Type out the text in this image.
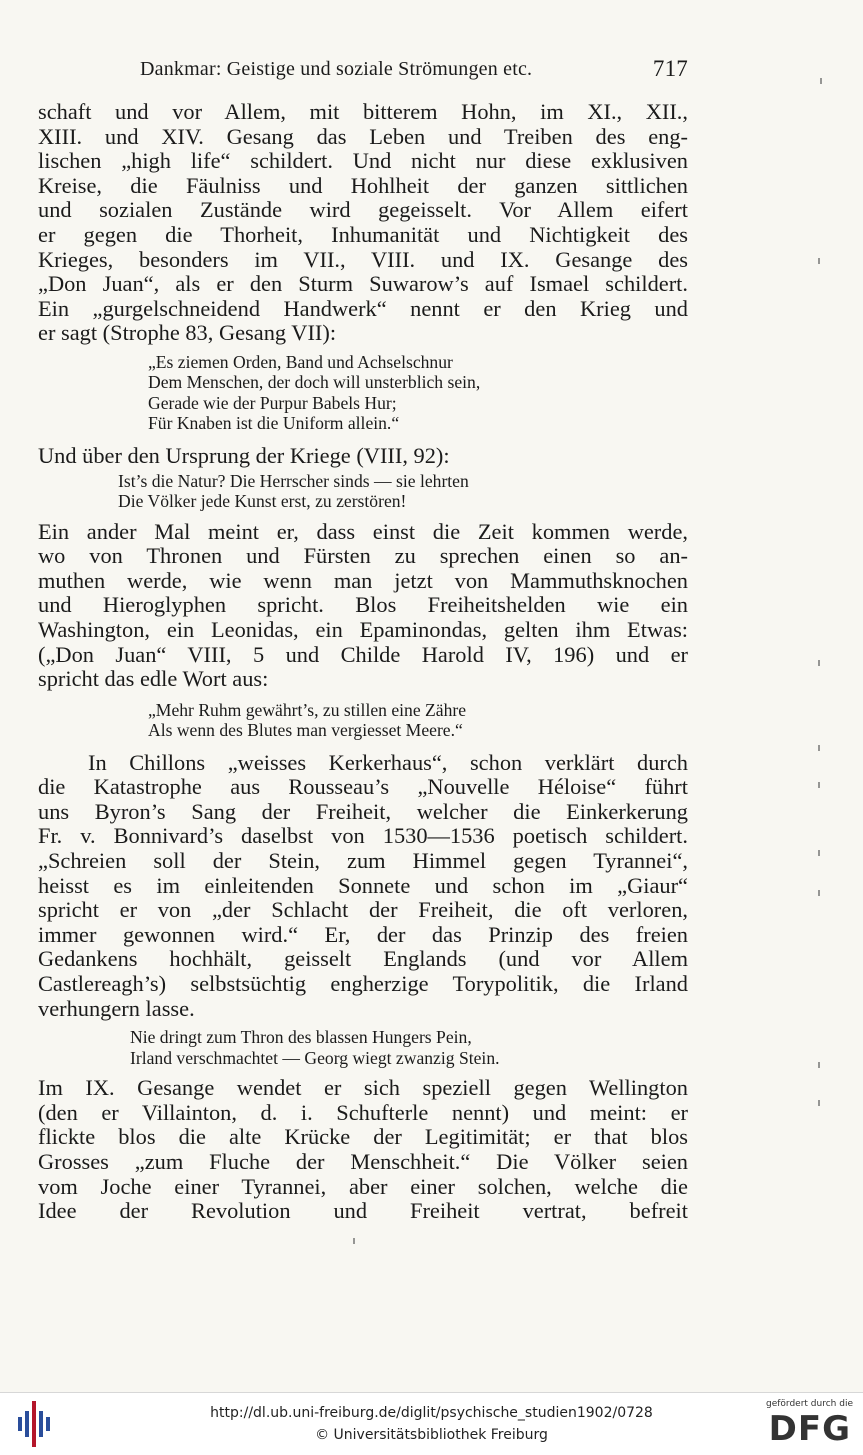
Dankmar: Geistige und soziale Strömungen etc.	717
schaft und vor Allem, mit bitterem Hohn, im XI., XII.,
XIII. und XIV. Gesang das Leben und Treiben des eng-
lischen „high life“ schildert. Und nicht nur diese exklusiven
Kreise, die Fäulniss und Hohlheit der ganzen sittlichen
und sozialen Zustände wird gegeisselt. Vor Allem eifert
er gegen die Thorheit, Inhumanität und Nichtigkeit des
Krieges, besonders im VII., VIII. und IX. Gesange des
„Don Juan“, als er den Sturm Suwarow’s auf Ismael schildert.
Ein „gurgelschneidend Handwerk“ nennt er den Krieg und
er sagt (Strophe 83, Gesang VII):
„Es ziemen Orden, Band und Achselschnur
Dem Menschen, der doch will unsterblich sein,
Gerade wie der Purpur Babels Hur;
Für Knaben ist die Uniform allein.“
Und über den Ursprung der Kriege (VIII, 92):
Ist’s die Natur? Die Herrscher sinds — sie lehrten
Die Völker jede Kunst erst, zu zerstören!
Ein ander Mal meint er, dass einst die Zeit kommen werde,
wo von Thronen und Fürsten zu sprechen einen so an-
muthen werde, wie wenn man jetzt von Mammuthsknochen
und Hieroglyphen spricht. Blos Freiheitshelden wie ein
Washington, ein Leonidas, ein Epaminondas, gelten ihm Etwas:
(„Don Juan“ VIII, 5 und Childe Harold IV, 196) und er
spricht das edle Wort aus:
„Mehr Ruhm gewährt’s, zu stillen eine Zähre
Als wenn des Blutes man vergiesset Meere.“
In Chillons „weisses Kerkerhaus“, schon verklärt durch
die Katastrophe aus Rousseau’s „Nouvelle Héloise“ führt
uns Byron’s Sang der Freiheit, welcher die Einkerkerung
Fr. v. Bonnivard’s daselbst von 1530—1536 poetisch schildert.
„Schreien soll der Stein, zum Himmel gegen Tyrannei“,
heisst es im einleitenden Sonnete und schon im „Giaur“
spricht er von „der Schlacht der Freiheit, die oft verloren,
immer gewonnen wird.“ Er, der das Prinzip des freien
Gedankens hochhält, geisselt Englands (und vor Allem
Castlereagh’s) selbstsüchtig engherzige Torypolitik, die Irland
verhungern lasse.
Nie dringt zum Thron des blassen Hungers Pein,
Irland verschmachtet — Georg wiegt zwanzig Stein.
Im IX. Gesange wendet er sich speziell gegen Wellington
(den er Villainton, d. i. Schufterle nennt) und meint: er
flickte blos die alte Krücke der Legitimität; er that blos
Grosses „zum Fluche der Menschheit.“ Die Völker seien
vom Joche einer Tyrannei, aber einer solchen, welche die
Idee der Revolution und Freiheit vertrat, befreit
http://dl.ub.uni-freiburg.de/diglit/psychische_studien1902/0728
© Universitätsbibliothek Freiburg
gefördert durch die
DFG
